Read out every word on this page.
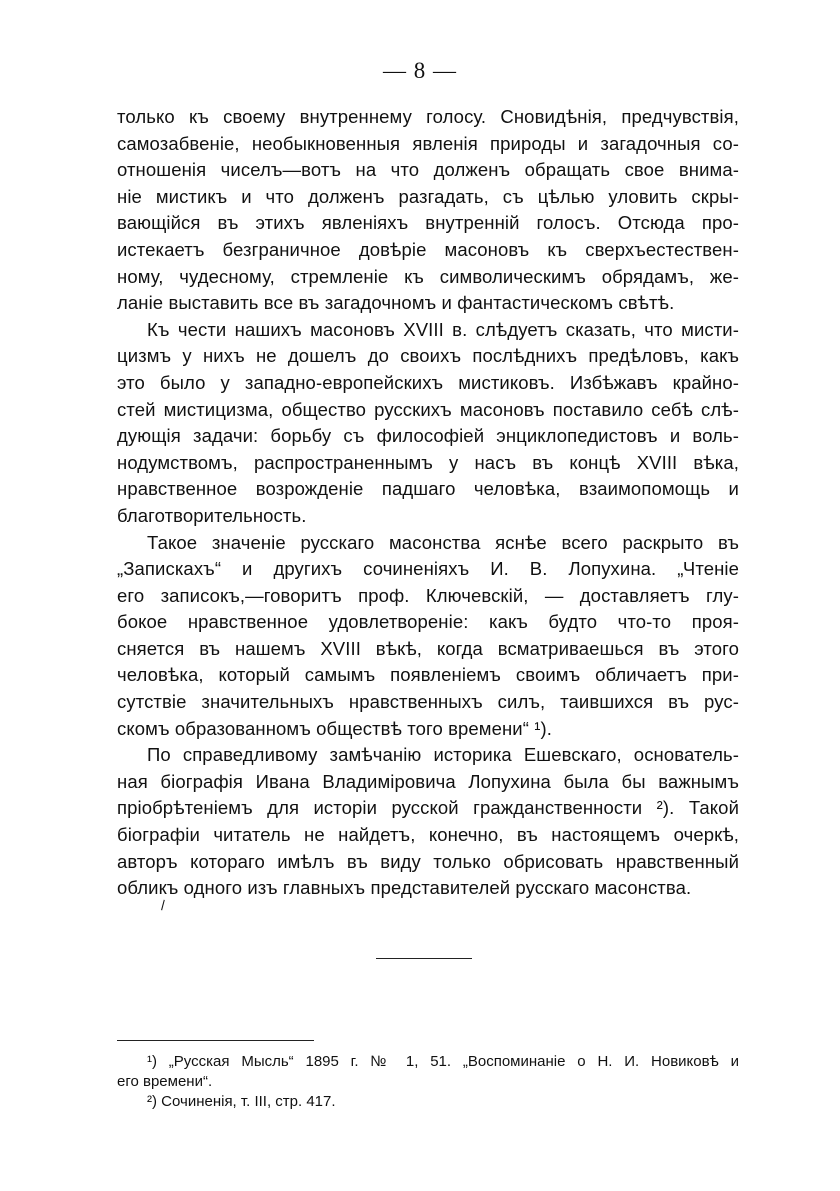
— 8 —
только къ своему внутреннему голосу. Сновидѣнія, предчувствія,
самозабвеніе, необыкновенныя явленія природы и загадочныя со-
отношенія чиселъ—вотъ на что долженъ обращать свое внима-
ніе мистикъ и что долженъ разгадать, съ цѣлью уловить скры-
вающійся въ этихъ явленіяхъ внутренній голосъ. Отсюда про-
истекаетъ безграничное довѣріе масоновъ къ сверхъестествен-
ному, чудесному, стремленіе къ символическимъ обрядамъ, же-
ланіе выставить все въ загадочномъ и фантастическомъ свѣтѣ.
Къ чести нашихъ масоновъ XVIII в. слѣдуетъ сказать, что мисти-
цизмъ у нихъ не дошелъ до своихъ послѣднихъ предѣловъ, какъ
это было у западно-европейскихъ мистиковъ. Избѣжавъ крайно-
стей мистицизма, общество русскихъ масоновъ поставило себѣ слѣ-
дующія задачи: борьбу съ философіей энциклопедистовъ и воль-
нодумствомъ, распространеннымъ у насъ въ концѣ XVIII вѣка,
нравственное возрожденіе падшаго человѣка, взаимопомощь и
благотворительность.
Такое значеніе русскаго масонства яснѣе всего раскрыто въ
„Запискахъ“ и другихъ сочиненіяхъ И. В. Лопухина. „Чтеніе
его записокъ,—говоритъ проф. Ключевскій, — доставляетъ глу-
бокое нравственное удовлетвореніе: какъ будто что-то проя-
сняется въ нашемъ XVIII вѣкѣ, когда всматриваешься въ этого
человѣка, который самымъ появленіемъ своимъ обличаетъ при-
сутствіе значительныхъ нравственныхъ силъ, таившихся въ рус-
скомъ образованномъ обществѣ того времени“ ¹).
По справедливому замѣчанію историка Ешевскаго, основатель-
ная біографія Ивана Владиміровича Лопухина была бы важнымъ
пріобрѣтеніемъ для исторіи русской гражданственности ²). Такой
біографіи читатель не найдетъ, конечно, въ настоящемъ очеркѣ,
авторъ котораго имѣлъ въ виду только обрисовать нравственный
обликъ одного изъ главныхъ представителей русскаго масонства.
\
¹) „Русская Мысль“ 1895 г. № 1, 51. „Воспоминаніе о Н. И. Новиковѣ и
его времени“.
²) Сочиненія, т. III, стр. 417.
